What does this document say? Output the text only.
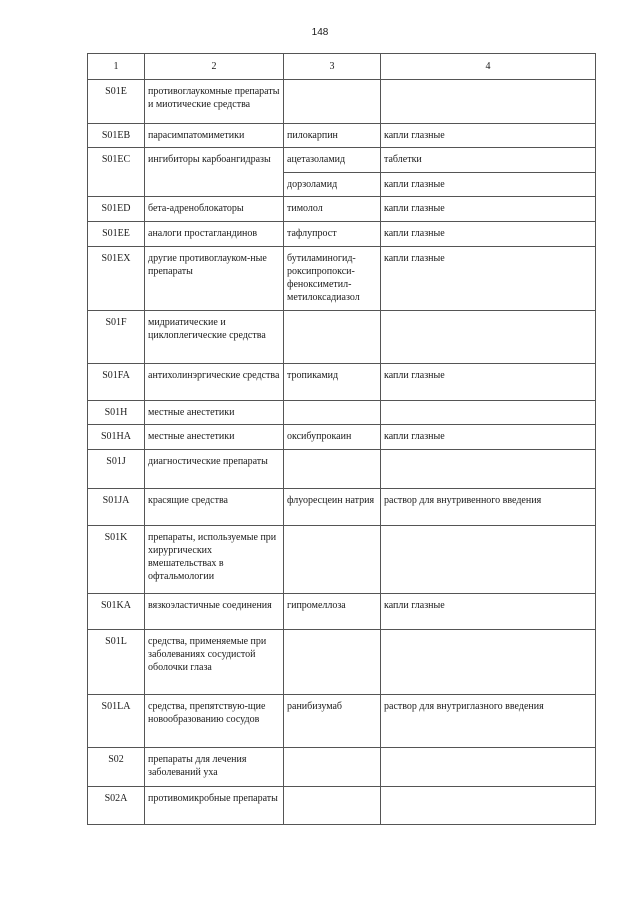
148
1	2	3	4
S01E	противоглаукомные препараты и миотические средства		
S01EB	парасимпатомиметики	пилокарпин	капли глазные
S01EC	ингибиторы карбоангидразы	ацетазоламид	таблетки
		дорзоламид	капли глазные
S01ED	бета-адреноблокаторы	тимолол	капли глазные
S01EE	аналоги простагландинов	тафлупрост	капли глазные
S01EX	другие противоглауком-ные препараты	бутиламиногид-роксипропокси-феноксиметил-метилоксадиазол	капли глазные
S01F	мидриатические и циклоплегические средства		
S01FA	антихолинэргические средства	тропикамид	капли глазные
S01H	местные анестетики		
S01HA	местные анестетики	оксибупрокаин	капли глазные
S01J	диагностические препараты		
S01JA	красящие средства	флуоресцеин натрия	раствор для внутривенного введения
S01K	препараты, используемые при хирургических вмешательствах в офтальмологии		
S01KA	вязкоэластичные соединения	гипромеллоза	капли глазные
S01L	средства, применяемые при заболеваниях сосудистой оболочки глаза		
S01LA	средства, препятствую-щие новообразованию сосудов	ранибизумаб	раствор для внутриглазного введения
S02	препараты для лечения заболеваний уха		
S02A	противомикробные препараты		
